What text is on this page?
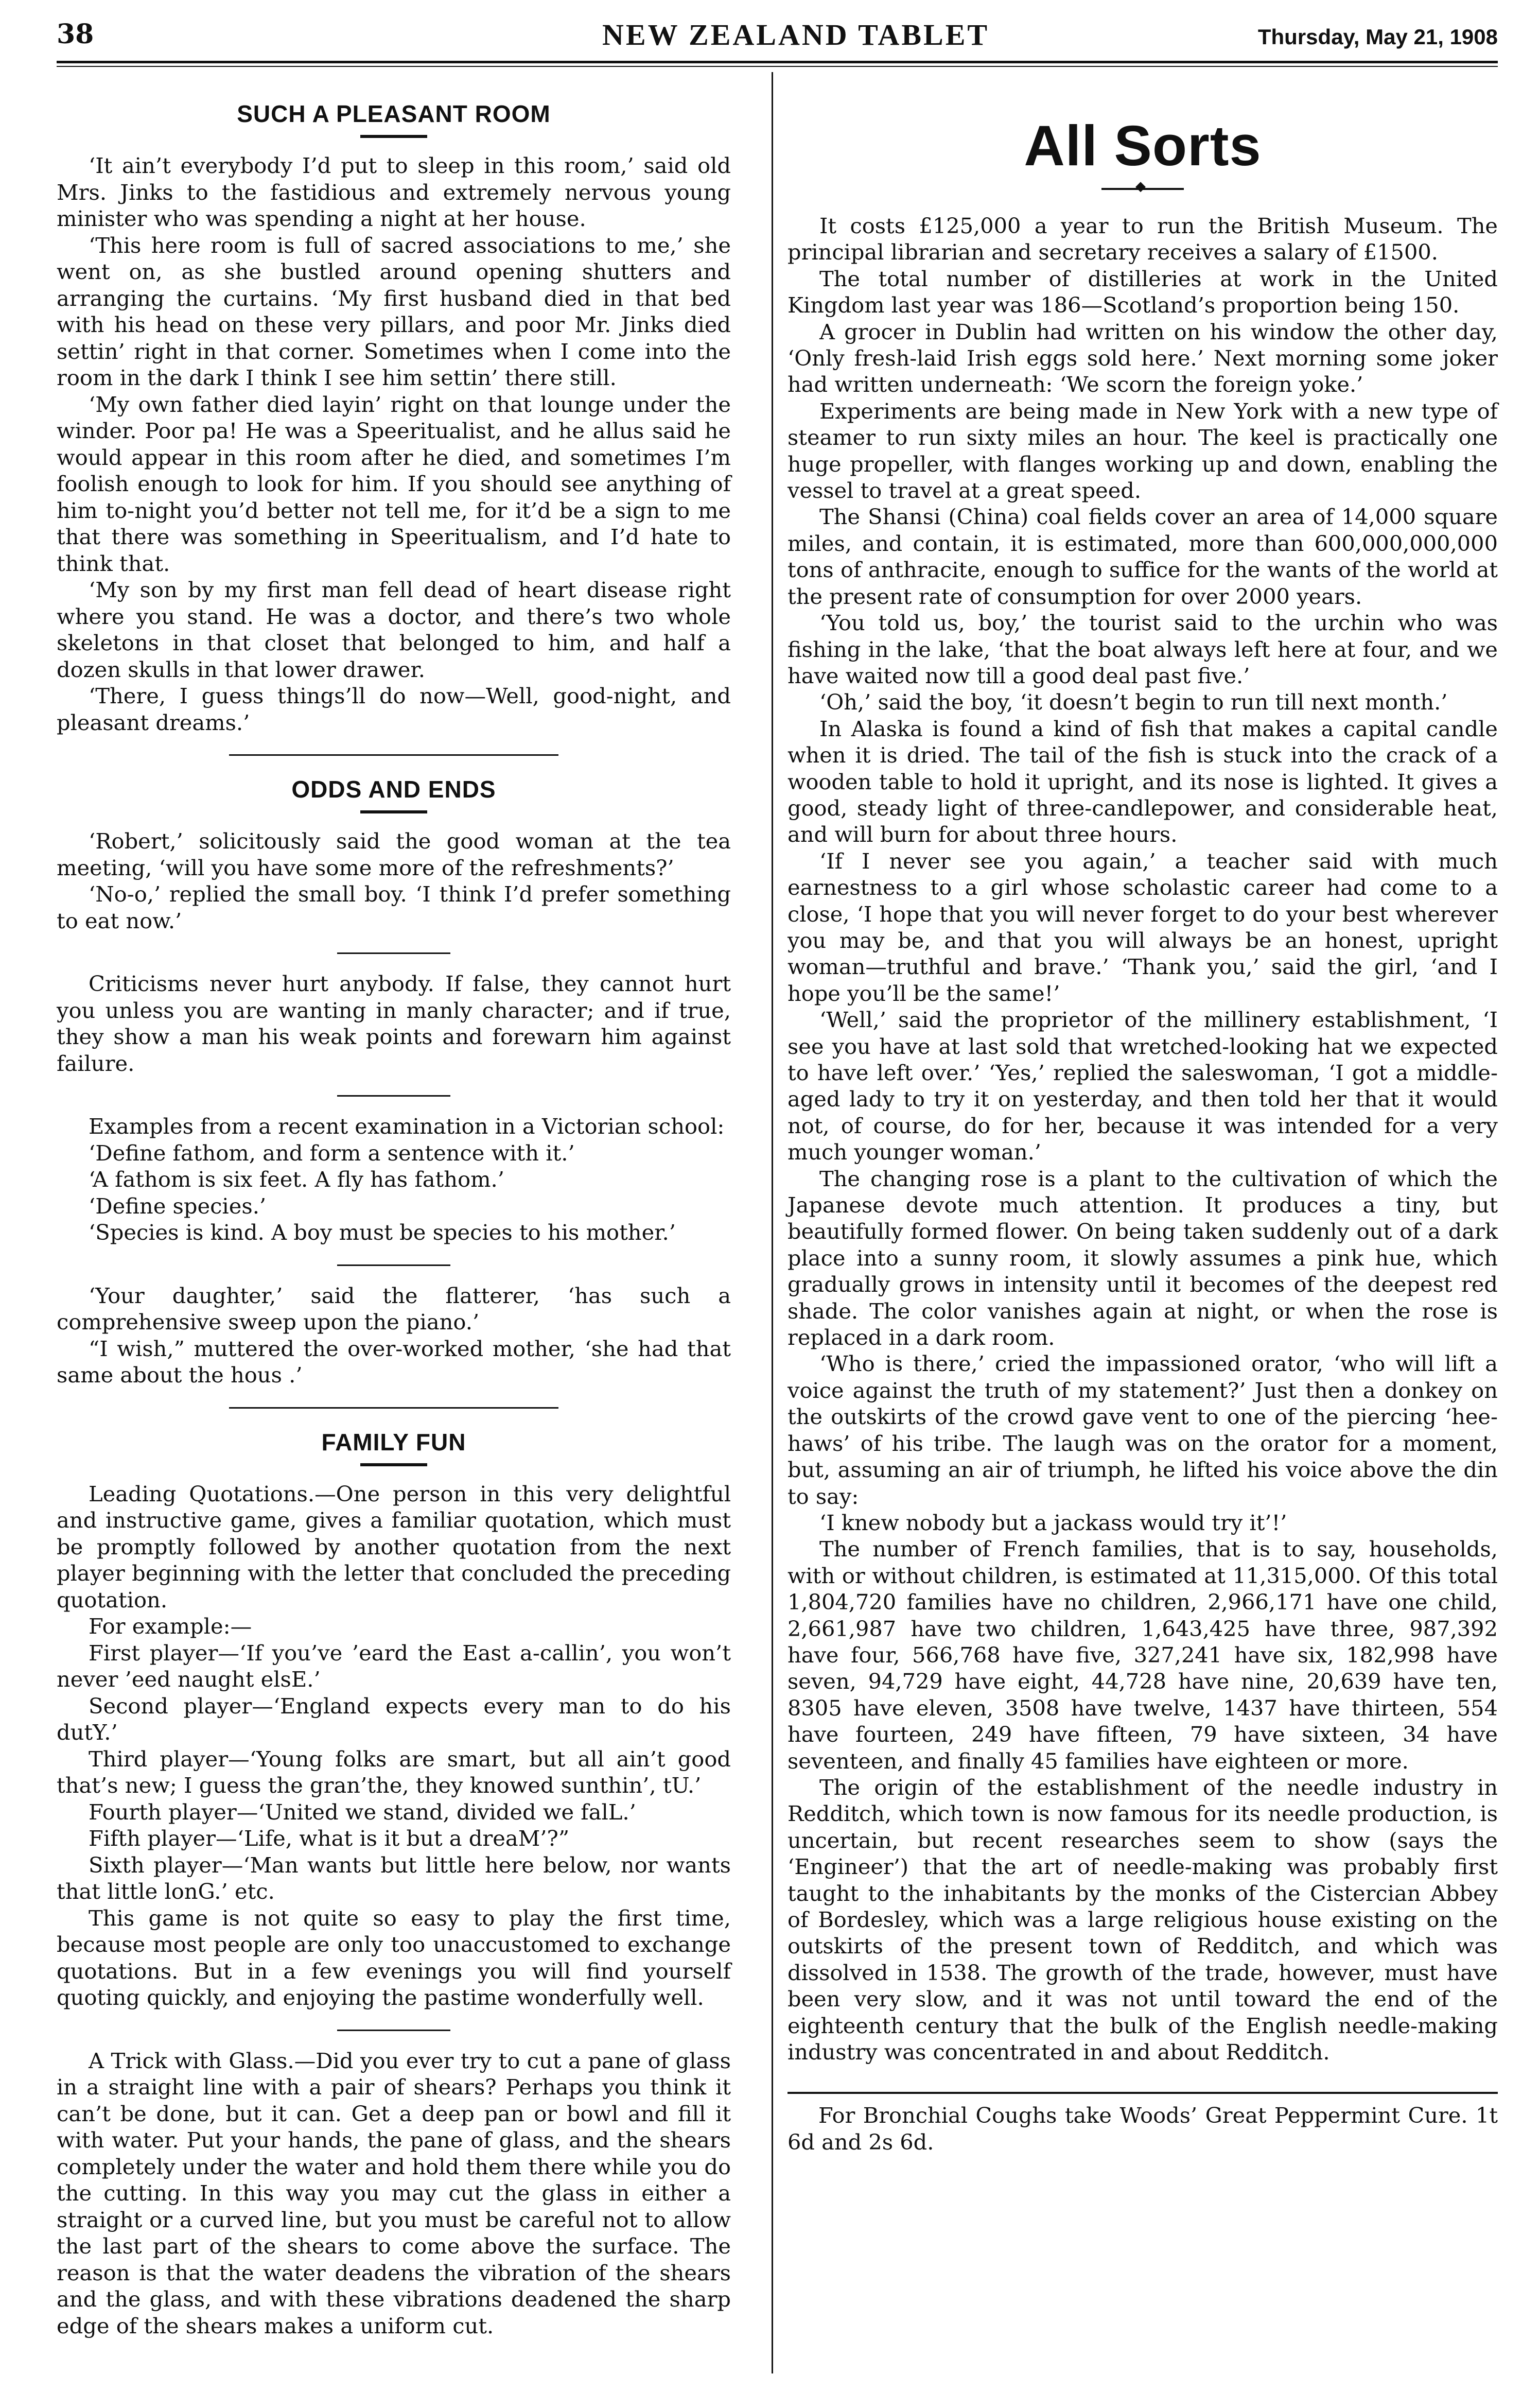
38	NEW ZEALAND TABLET	Thursday, May 21, 1908
SUCH A PLEASANT ROOM

‘It ain’t everybody I’d put to sleep in this room,’ said old Mrs. Jinks to the fastidious and extremely nervous young minister who was spending a night at her house.

‘This here room is full of sacred associations to me,’ she went on, as she bustled around opening shutters and arranging the curtains. ‘My first husband died in that bed with his head on these very pillars, and poor Mr. Jinks died settin’ right in that corner. Sometimes when I come into the room in the dark I think I see him settin’ there still.

‘My own father died layin’ right on that lounge under the winder. Poor pa! He was a Speeritualist, and he allus said he would appear in this room after he died, and sometimes I’m foolish enough to look for him. If you should see anything of him to-night you’d better not tell me, for it’d be a sign to me that there was something in Speeritualism, and I’d hate to think that.

‘My son by my first man fell dead of heart disease right where you stand. He was a doctor, and there’s two whole skeletons in that closet that belonged to him, and half a dozen skulls in that lower drawer.

‘There, I guess things’ll do now—Well, good-night, and pleasant dreams.’

ODDS AND ENDS

‘Robert,’ solicitously said the good woman at the tea meeting, ‘will you have some more of the refreshments?’

‘No-o,’ replied the small boy. ‘I think I’d prefer something to eat now.’

Criticisms never hurt anybody. If false, they cannot hurt you unless you are wanting in manly character; and if true, they show a man his weak points and forewarn him against failure.

Examples from a recent examination in a Victorian school:

‘Define fathom, and form a sentence with it.’

‘A fathom is six feet. A fly has fathom.’

‘Define species.’

‘Species is kind. A boy must be species to his mother.’

‘Your daughter,’ said the flatterer, ‘has such a comprehensive sweep upon the piano.’

“I wish,” muttered the over-worked mother, ‘she had that same about the hous .’

FAMILY FUN

Leading Quotations.—One person in this very delightful and instructive game, gives a familiar quotation, which must be promptly followed by another quotation from the next player beginning with the letter that concluded the preceding quotation.

For example:—

First player—‘If you’ve ’eard the East a-callin’, you won’t never ’eed naught elsE.’

Second player—‘England expects every man to do his dutY.’

Third player—‘Young folks are smart, but all ain’t good that’s new; I guess the gran’the, they knowed sunthin’, tU.’

Fourth player—‘United we stand, divided we falL.’

Fifth player—‘Life, what is it but a dreaM’?”

Sixth player—‘Man wants but little here below, nor wants that little lonG.’ etc.

This game is not quite so easy to play the first time, because most people are only too unaccustomed to exchange quotations. But in a few evenings you will find yourself quoting quickly, and enjoying the pastime wonderfully well.

A Trick with Glass.—Did you ever try to cut a pane of glass in a straight line with a pair of shears? Perhaps you think it can’t be done, but it can. Get a deep pan or bowl and fill it with water. Put your hands, the pane of glass, and the shears completely under the water and hold them there while you do the cutting. In this way you may cut the glass in either a straight or a curved line, but you must be careful not to allow the last part of the shears to come above the surface. The reason is that the water deadens the vibration of the shears and the glass, and with these vibrations deadened the sharp edge of the shears makes a uniform cut.

All Sorts
◆

It costs £125,000 a year to run the British Museum. The principal librarian and secretary receives a salary of £1500.

The total number of distilleries at work in the United Kingdom last year was 186—Scotland’s proportion being 150.

A grocer in Dublin had written on his window the other day, ‘Only fresh-laid Irish eggs sold here.’ Next morning some joker had written underneath: ‘We scorn the foreign yoke.’

Experiments are being made in New York with a new type of steamer to run sixty miles an hour. The keel is practically one huge propeller, with flanges working up and down, enabling the vessel to travel at a great speed.

The Shansi (China) coal fields cover an area of 14,000 square miles, and contain, it is estimated, more than 600,000,000,000 tons of anthracite, enough to suffice for the wants of the world at the present rate of consumption for over 2000 years.

‘You told us, boy,’ the tourist said to the urchin who was fishing in the lake, ‘that the boat always left here at four, and we have waited now till a good deal past five.’

‘Oh,’ said the boy, ‘it doesn’t begin to run till next month.’

In Alaska is found a kind of fish that makes a capital candle when it is dried. The tail of the fish is stuck into the crack of a wooden table to hold it upright, and its nose is lighted. It gives a good, steady light of three-candlepower, and considerable heat, and will burn for about three hours.

‘If I never see you again,’ a teacher said with much earnestness to a girl whose scholastic career had come to a close, ‘I hope that you will never forget to do your best wherever you may be, and that you will always be an honest, upright woman—truthful and brave.’ ‘Thank you,’ said the girl, ‘and I hope you’ll be the same!’

‘Well,’ said the proprietor of the millinery establishment, ‘I see you have at last sold that wretched-looking hat we expected to have left over.’ ‘Yes,’ replied the saleswoman, ‘I got a middle-aged lady to try it on yesterday, and then told her that it would not, of course, do for her, because it was intended for a very much younger woman.’

The changing rose is a plant to the cultivation of which the Japanese devote much attention. It produces a tiny, but beautifully formed flower. On being taken suddenly out of a dark place into a sunny room, it slowly assumes a pink hue, which gradually grows in intensity until it becomes of the deepest red shade. The color vanishes again at night, or when the rose is replaced in a dark room.

‘Who is there,’ cried the impassioned orator, ‘who will lift a voice against the truth of my statement?’ Just then a donkey on the outskirts of the crowd gave vent to one of the piercing ‘hee-haws’ of his tribe. The laugh was on the orator for a moment, but, assuming an air of triumph, he lifted his voice above the din to say:

‘I knew nobody but a jackass would try it’!’

The number of French families, that is to say, households, with or without children, is estimated at 11,315,000. Of this total 1,804,720 families have no children, 2,966,171 have one child, 2,661,987 have two children, 1,643,425 have three, 987,392 have four, 566,768 have five, 327,241 have six, 182,998 have seven, 94,729 have eight, 44,728 have nine, 20,639 have ten, 8305 have eleven, 3508 have twelve, 1437 have thirteen, 554 have fourteen, 249 have fifteen, 79 have sixteen, 34 have seventeen, and finally 45 families have eighteen or more.

The origin of the establishment of the needle industry in Redditch, which town is now famous for its needle production, is uncertain, but recent researches seem to show (says the ‘Engineer’) that the art of needle-making was probably first taught to the inhabitants by the monks of the Cistercian Abbey of Bordesley, which was a large religious house existing on the outskirts of the present town of Redditch, and which was dissolved in 1538. The growth of the trade, however, must have been very slow, and it was not until toward the end of the eighteenth century that the bulk of the English needle-making industry was concentrated in and about Redditch.

For Bronchial Coughs take Woods’ Great Peppermint Cure. 1t 6d and 2s 6d.
